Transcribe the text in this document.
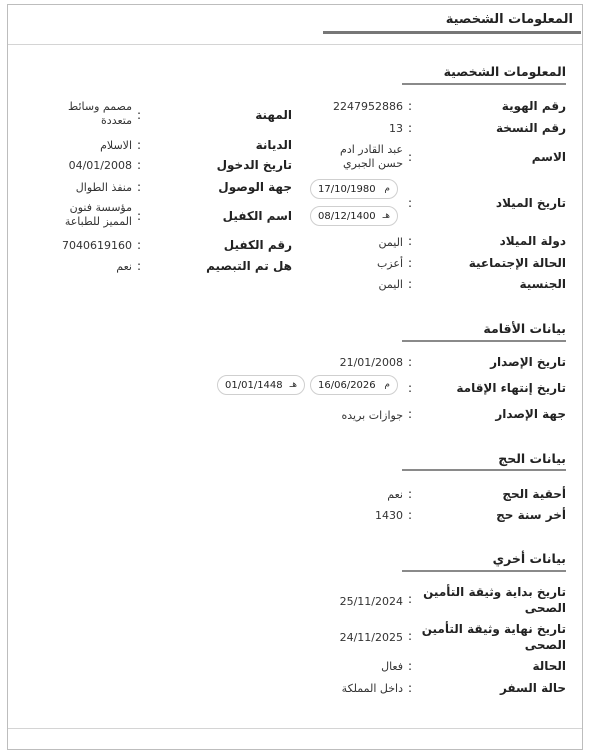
المعلومات الشخصية
المعلومات الشخصية
رقم الهوية
:
2247952886
رقم النسخة
:
13
الاسم
:
عبد القادر ادم حسن الجبري
تاريخ الميلاد
:
17/10/1980 م
08/12/1400 هـ
دولة الميلاد
:
اليمن
الحالة الإجتماعية
:
أعزب
الجنسية
:
اليمن
المهنة
:
مصمم وسائط متعددة
الديانة
:
الاسلام
تاريخ الدخول
:
04/01/2008
جهة الوصول
:
منفذ الطوال
اسم الكفيل
:
مؤسسة فنون المميز للطباعة
رقم الكفيل
:
7040619160
هل تم التبصيم
:
نعم
بيانات الأقامة
تاريخ الإصدار
:
21/01/2008
تاريخ إنتهاء الإقامة
:
16/06/2026 م
01/01/1448 هـ
جهة الإصدار
:
جوازات بريده
بيانات الحج
أحقية الحج
:
نعم
أخر سنة حج
:
1430
بيانات أخري
تاريخ بداية وثيقة التأمين الصحى
:
25/11/2024
تاريخ نهاية وثيقة التأمين الصحى
:
24/11/2025
الحالة
:
فعال
حالة السفر
:
داخل المملكة
